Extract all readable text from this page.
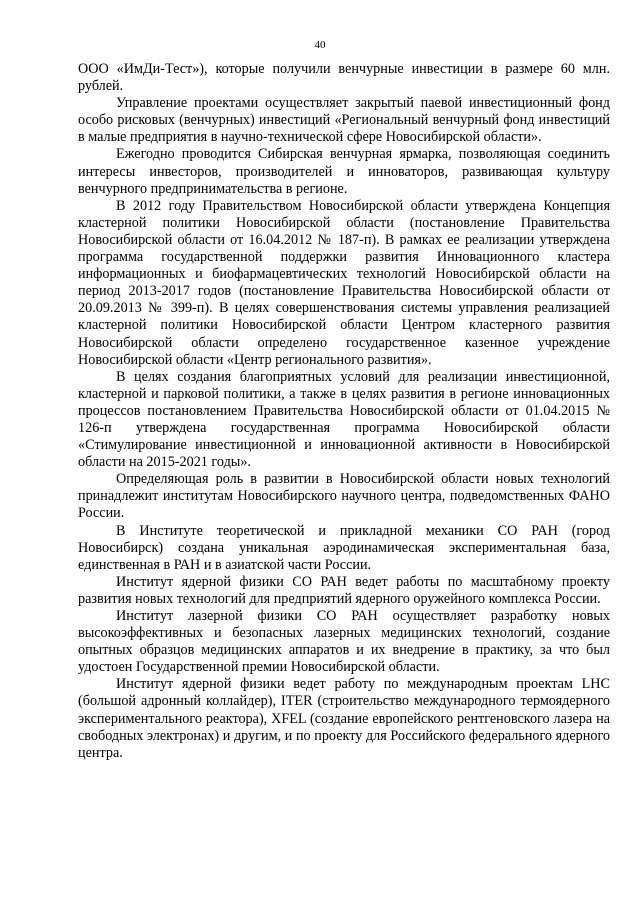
40

ООО «ИмДи-Тест»), которые получили венчурные инвестиции в размере 60 млн. рублей.

Управление проектами осуществляет закрытый паевой инвестиционный фонд особо рисковых (венчурных) инвестиций «Региональный венчурный фонд инвестиций в малые предприятия в научно-технической сфере Новосибирской области».

Ежегодно проводится Сибирская венчурная ярмарка, позволяющая соединить интересы инвесторов, производителей и инноваторов, развивающая культуру венчурного предпринимательства в регионе.

В 2012 году Правительством Новосибирской области утверждена Концепция кластерной политики Новосибирской области (постановление Правительства Новосибирской области от 16.04.2012 № 187-п). В рамках ее реализации утверждена программа государственной поддержки развития Инновационного кластера информационных и биофармацевтических технологий Новосибирской области на период 2013-2017 годов (постановление Правительства Новосибирской области от 20.09.2013 № 399-п). В целях совершенствования системы управления реализацией кластерной политики Новосибирской области Центром кластерного развития Новосибирской области определено государственное казенное учреждение Новосибирской области «Центр регионального развития».

В целях создания благоприятных условий для реализации инвестиционной, кластерной и парковой политики, а также в целях развития в регионе инновационных процессов постановлением Правительства Новосибирской области от 01.04.2015 № 126-п утверждена государственная программа Новосибирской области «Стимулирование инвестиционной и инновационной активности в Новосибирской области на 2015-2021 годы».

Определяющая роль в развитии в Новосибирской области новых технологий принадлежит институтам Новосибирского научного центра, подведомственных ФАНО России.

В Институте теоретической и прикладной механики СО РАН (город Новосибирск) создана уникальная аэродинамическая экспериментальная база, единственная в РАН и в азиатской части России.

Институт ядерной физики СО РАН ведет работы по масштабному проекту развития новых технологий для предприятий ядерного оружейного комплекса России.

Институт лазерной физики СО РАН осуществляет разработку новых высокоэффективных и безопасных лазерных медицинских технологий, создание опытных образцов медицинских аппаратов и их внедрение в практику, за что был удостоен Государственной премии Новосибирской области.

Институт ядерной физики ведет работу по международным проектам LHC (большой адронный коллайдер), ITER (строительство международного термоядерного экспериментального реактора), XFEL (создание европейского рентгеновского лазера на свободных электронах) и другим, и по проекту для Российского федерального ядерного центра.
